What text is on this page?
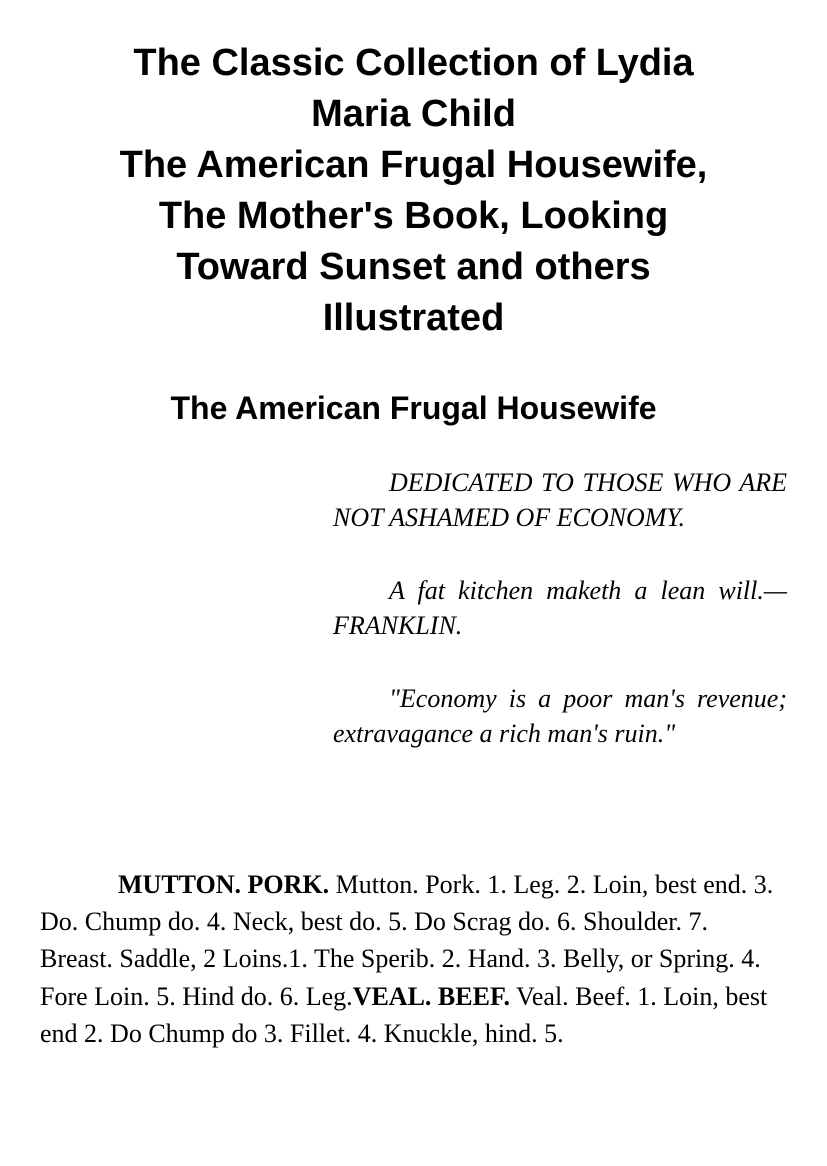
The Classic Collection of Lydia
Maria Child
The American Frugal Housewife,
The Mother's Book, Looking
Toward Sunset and others
Illustrated
The American Frugal Housewife

DEDICATED TO THOSE WHO ARE NOT ASHAMED OF ECONOMY.

A fat kitchen maketh a lean will.—FRANKLIN.

"Economy is a poor man's revenue; extravagance a rich man's ruin."

MUTTON. PORK. Mutton. Pork. 1. Leg. 2. Loin, best end. 3. Do. Chump do. 4. Neck, best do. 5. Do Scrag do. 6. Shoulder. 7. Breast. Saddle, 2 Loins.1. The Sperib. 2. Hand. 3. Belly, or Spring. 4. Fore Loin. 5. Hind do. 6. Leg.VEAL. BEEF. Veal. Beef. 1. Loin, best end 2. Do Chump do 3. Fillet. 4. Knuckle, hind. 5.
